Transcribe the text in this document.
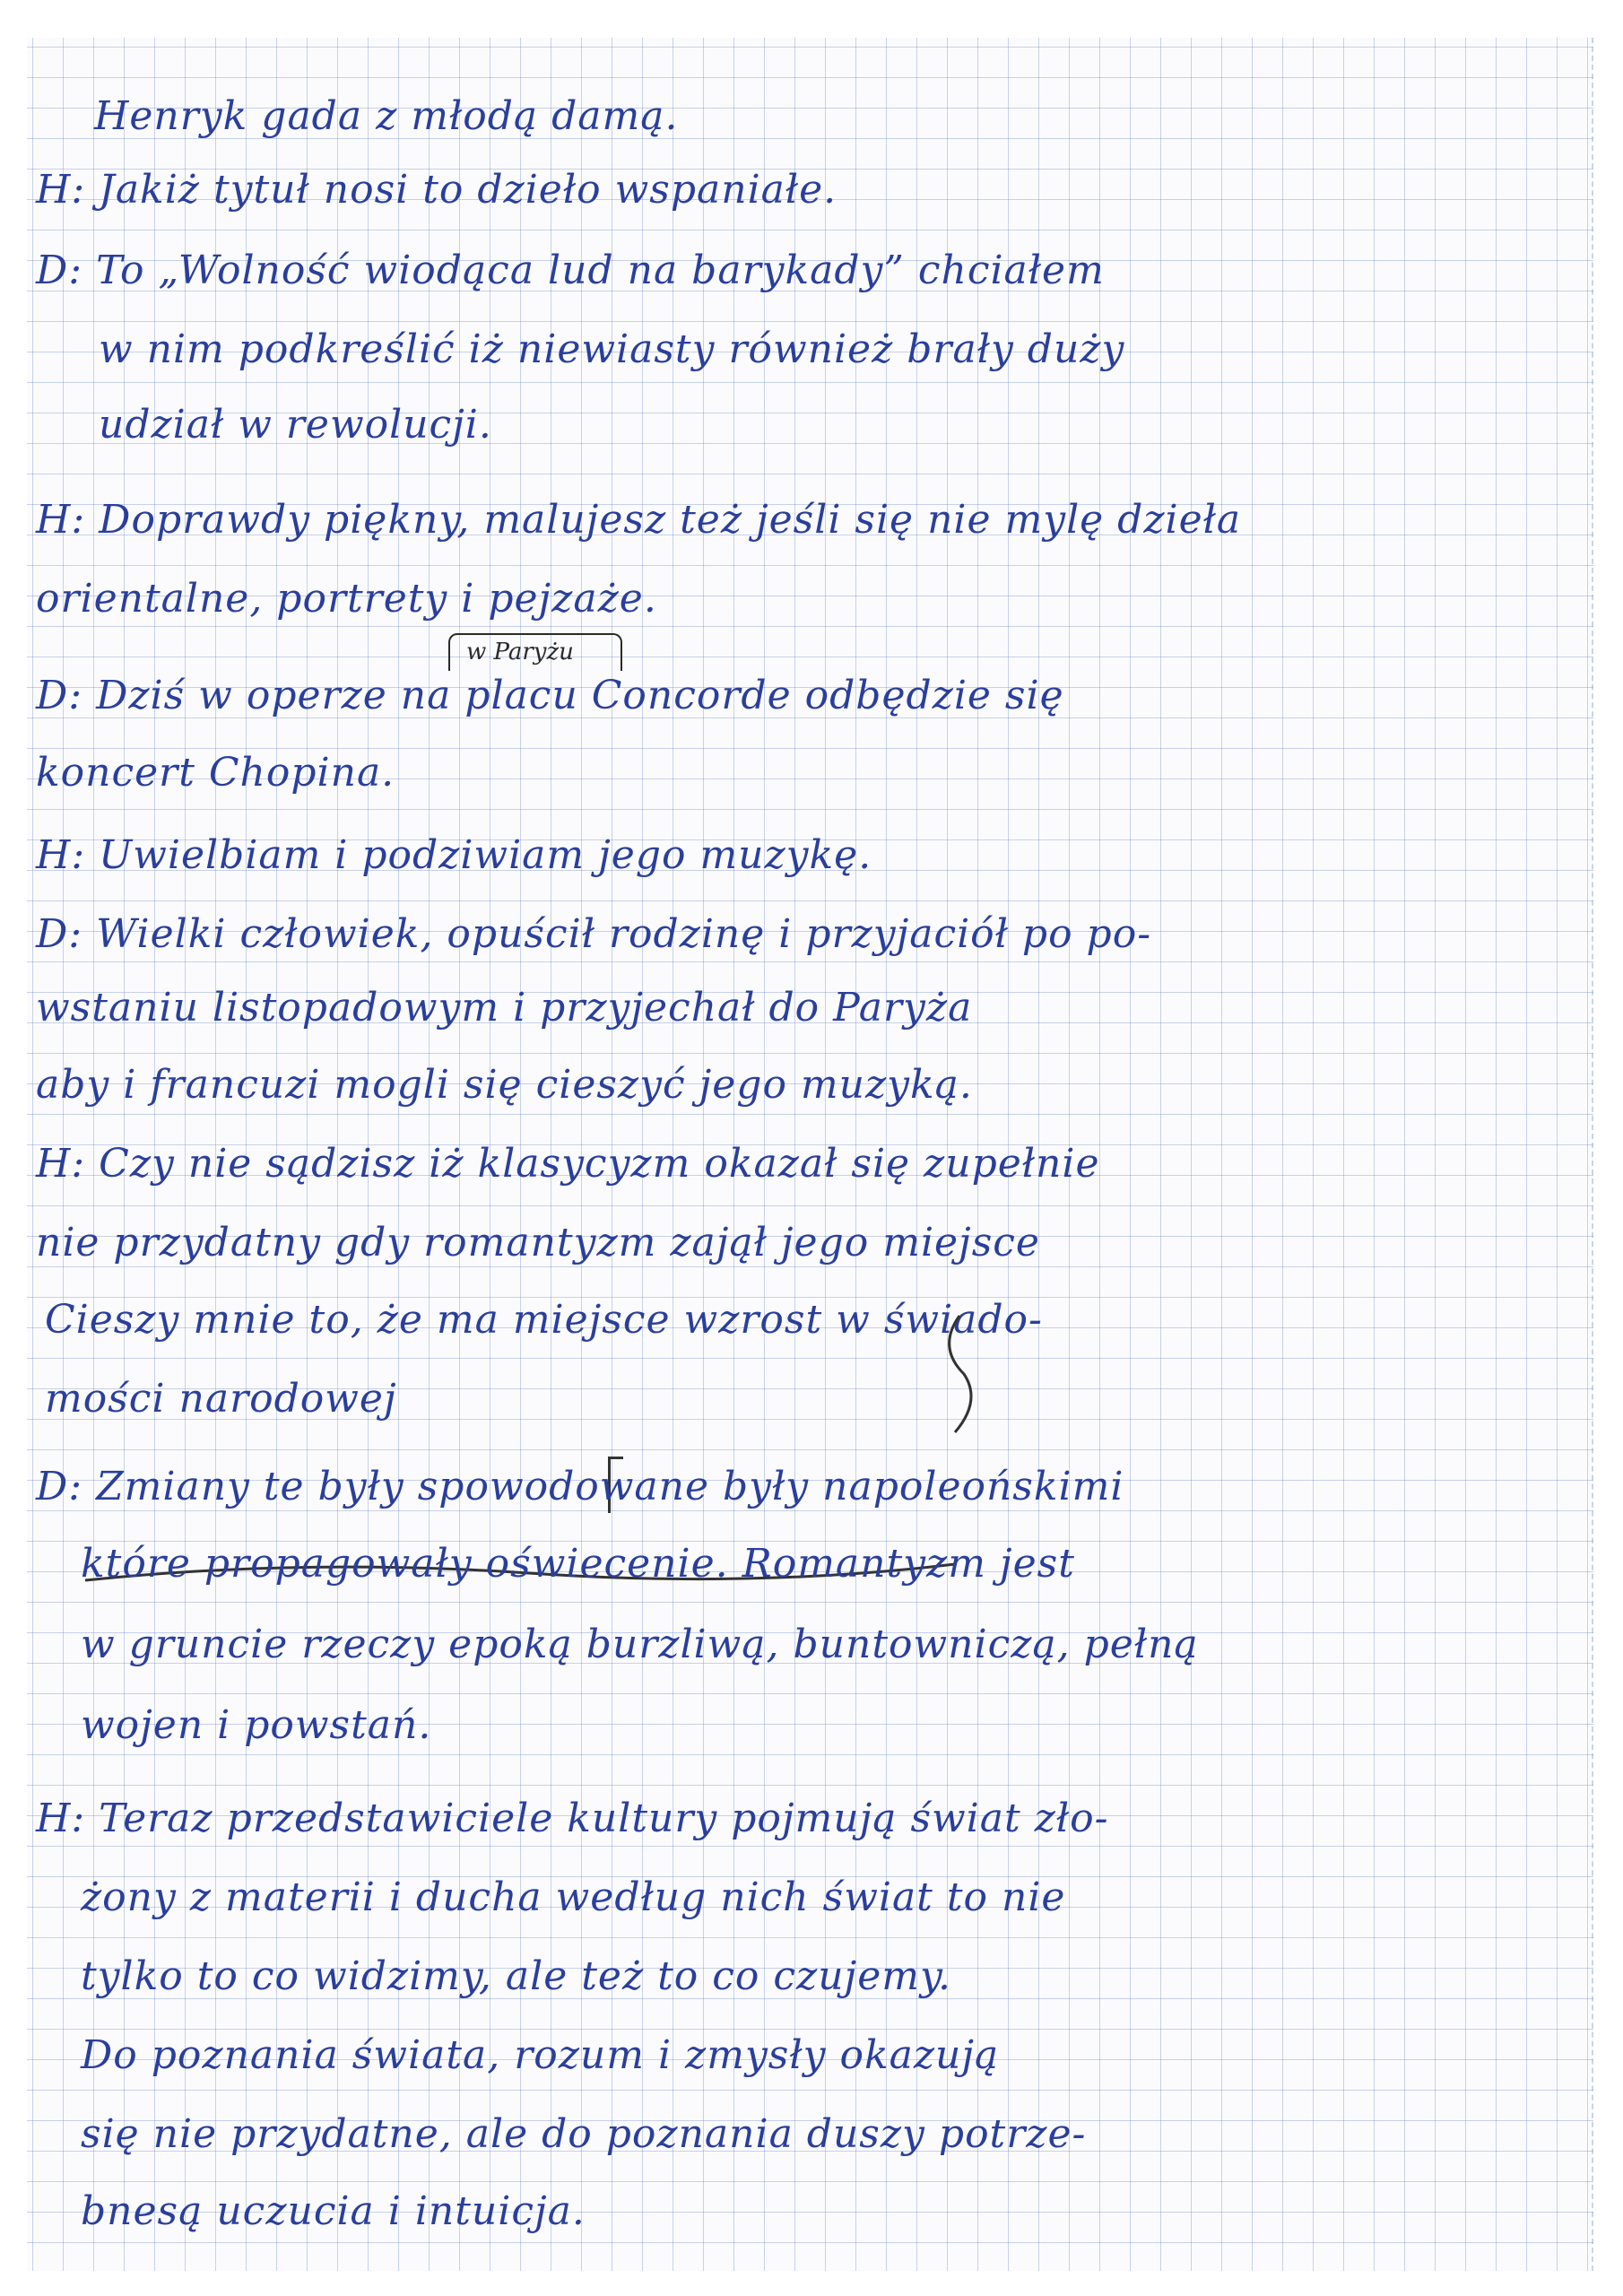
Henryk gada z młodą damą.
H: Jakiż tytuł nosi to dzieło wspaniałe.
D: To „Wolność wiodąca lud na barykady” chciałem
w nim podkreślić iż niewiasty również brały duży
udział w rewolucji.
H: Doprawdy piękny, malujesz też jeśli się nie mylę dzieła
orientalne, portrety i pejzaże.
w Paryżu
D: Dziś w operze na placu Concorde odbędzie się
koncert Chopina.
H: Uwielbiam i podziwiam jego muzykę.
D: Wielki człowiek, opuścił rodzinę i przyjaciół po po-
wstaniu listopadowym i przyjechał do Paryża
aby i francuzi mogli się cieszyć jego muzyką.
H: Czy nie sądzisz iż klasycyzm okazał się zupełnie
nie przydatny gdy romantyzm zajął jego miejsce
Cieszy mnie to, że ma miejsce wzrost w świado-
mości narodowej
D: Zmiany te były spowodowane były napoleońskimi
które propagowały oświecenie. Romantyzm jest
w gruncie rzeczy epoką burzliwą, buntowniczą, pełną
wojen i powstań.
H: Teraz przedstawiciele kultury pojmują świat zło-
żony z materii i ducha według nich świat to nie
tylko to co widzimy, ale też to co czujemy.
Do poznania świata, rozum i zmysły okazują
się nie przydatne, ale do poznania duszy potrze-
bnesą uczucia i intuicja.
